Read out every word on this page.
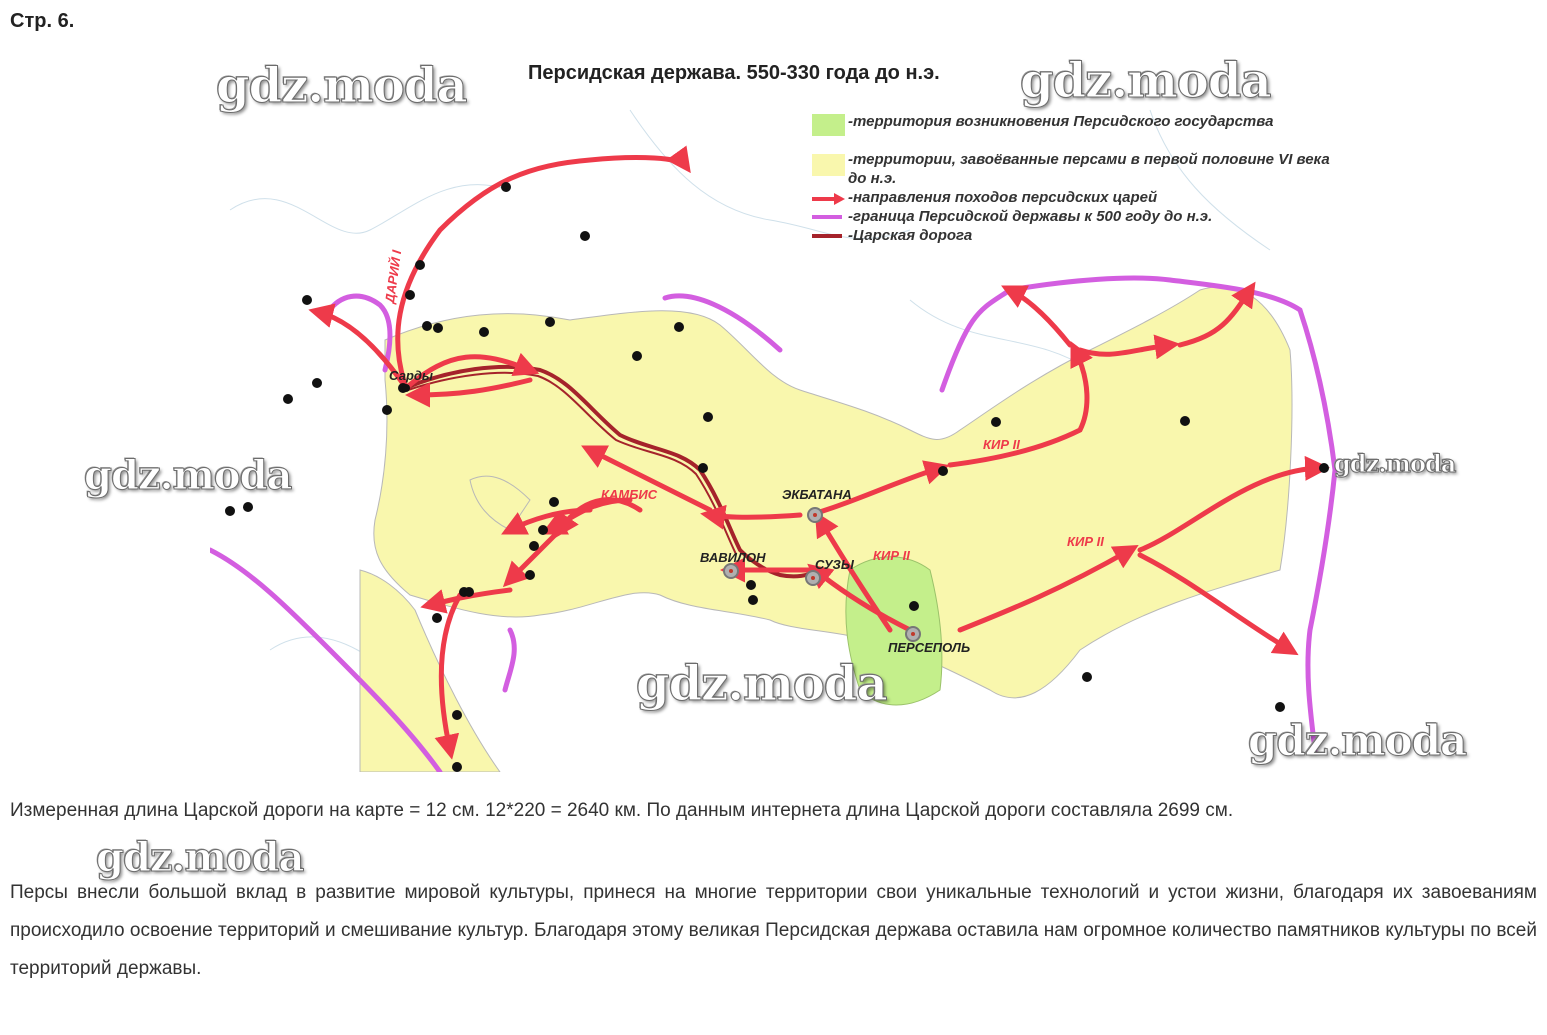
Стр. 6.
Персидская держава. 550-330 года до н.э.
-территория возникновения Персидского государства
-территории, завоёванные персами в первой половине VI века до н.э.
-направления походов персидских царей
-граница Персидской державы к 500 году до н.э.
-Царская дорога
Сарды
ЭКБАТАНА
ВАВИЛОН	СУЗЫ
ПЕРСЕПОЛЬ
ДАРИЙ I
КАМБИС
КИР II
КИР II
КИР II
gdz.moda	gdz.moda
gdz.moda	gdz.moda
gdz.moda
gdz.moda
gdz.moda
Измеренная длина Царской дороги на карте = 12 см. 12*220 = 2640 км. По данным интернета длина Царской дороги составляла 2699 см.
Персы внесли большой вклад в развитие мировой культуры, принеся на многие территории свои уникальные технологий и устои жизни, благодаря их завоеваниям происходило освоение территорий и смешивание культур. Благодаря этому великая Персидская держава оставила нам огромное количество памятников культуры по всей территорий державы.
